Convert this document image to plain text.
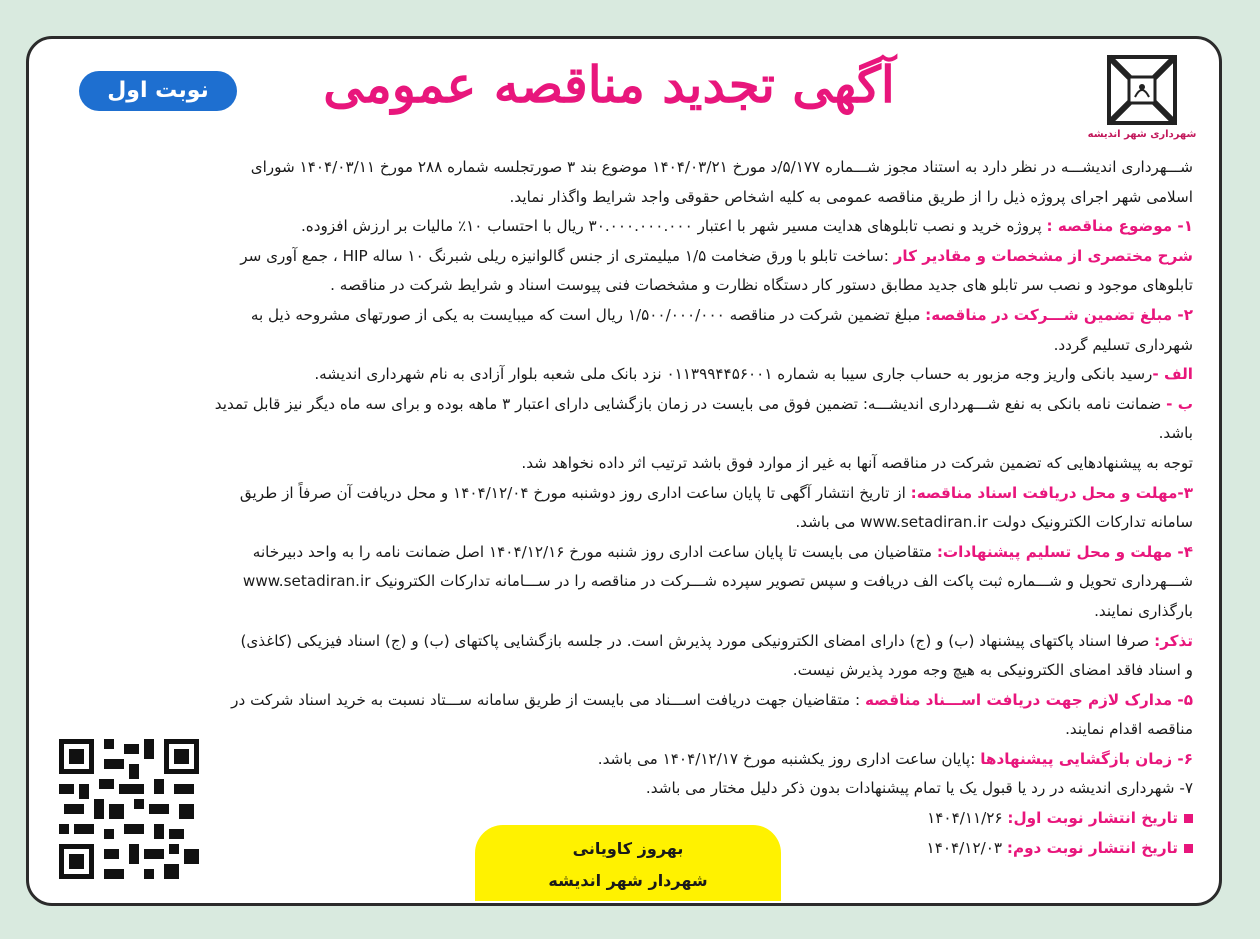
شهرداری شهر اندیشه
آگهی تجدید مناقصه عمومی
نوبت اول

شـــهرداری اندیشـــه در نظر دارد به استناد مجوز شـــماره ۵/۱۷۷/د مورخ ۱۴۰۴/۰۳/۲۱ موضوع بند ۳ صورتجلسه شماره ۲۸۸ مورخ ۱۴۰۴/۰۳/۱۱ شورای

اسلامی شهر اجرای پروژه ذیل را از طریق مناقصه عمومی به کلیه اشخاص حقوقی واجد شرایط واگذار نماید.

۱- موضوع مناقصه : پروژه خرید و نصب تابلوهای هدایت مسیر شهر با اعتبار ۳۰.۰۰۰.۰۰۰.۰۰۰ ریال با احتساب ۱۰٪ مالیات بر ارزش افزوده.

شرح مختصری از مشخصات و مقادیر کار :ساخت تابلو با ورق ضخامت ۱/۵ میلیمتری از جنس گالوانیزه ریلی شبرنگ ۱۰ ساله HIP ، جمع آوری سر

تابلوهای موجود و نصب سر تابلو های جدید مطابق دستور کار دستگاه نظارت و مشخصات فنی پیوست اسناد و شرایط شرکت در مناقصه .

۲- مبلغ تضمین شـــرکت در مناقصه: مبلغ تضمین شرکت در مناقصه ۱/۵۰۰/۰۰۰/۰۰۰ ریال است که میبایست به یکی از صورتهای مشروحه ذیل به

شهرداری تسلیم گردد.

الف -رسید بانکی واریز وجه مزبور به حساب جاری سیبا به شماره ۰۱۱۳۹۹۴۴۵۶۰۰۱ نزد بانک ملی شعبه بلوار آزادی به نام شهرداری اندیشه.

ب - ضمانت نامه بانکی به نفع شـــهرداری اندیشـــه: تضمین فوق می بایست در زمان بازگشایی دارای اعتبار ۳ ماهه بوده و برای سه ماه دیگر نیز قابل تمدید

باشد.

توجه به پیشنهادهایی که تضمین شرکت در مناقصه آنها به غیر از موارد فوق باشد ترتیب اثر داده نخواهد شد.

۳-مهلت و محل دریافت اسناد مناقصه: از تاریخ انتشار آگهی تا پایان ساعت اداری روز دوشنبه مورخ ۱۴۰۴/۱۲/۰۴ و محل دریافت آن صرفاً از طریق

سامانه تدارکات الکترونیک دولت www.setadiran.ir می باشد.

۴- مهلت و محل تسلیم پیشنهادات: متقاضیان می بایست تا پایان ساعت اداری روز شنبه مورخ ۱۴۰۴/۱۲/۱۶ اصل ضمانت نامه را به واحد دبیرخانه

شـــهرداری تحویل و شـــماره ثبت پاکت الف دریافت و سپس تصویر سپرده شـــرکت در مناقصه را در ســـامانه تدارکات الکترونیک www.setadiran.ir

بارگذاری نمایند.

تذکر: صرفا اسناد پاکتهای پیشنهاد (ب) و (ج) دارای امضای الکترونیکی مورد پذیرش است. در جلسه بازگشایی پاکتهای (ب) و (ج) اسناد فیزیکی (کاغذی)

و اسناد فاقد امضای الکترونیکی به هیچ وجه مورد پذیرش نیست.

۵- مدارک لازم جهت دریافت اســـناد مناقصه : متقاضیان جهت دریافت اســـناد می بایست از طریق سامانه ســـتاد نسبت به خرید اسناد شرکت در

مناقصه اقدام نمایند.

۶- زمان بازگشایی پیشنهادها :پایان ساعت اداری روز یکشنبه مورخ ۱۴۰۴/۱۲/۱۷ می باشد.

۷- شهرداری اندیشه در رد یا قبول یک یا تمام پیشنهادات بدون ذکر دلیل مختار می باشد.

تاریخ انتشار نوبت اول: ۱۴۰۴/۱۱/۲۶

تاریخ انتشار نوبت دوم: ۱۴۰۴/۱۲/۰۳

بهروز کاویانی
شهردار شهر اندیشه
